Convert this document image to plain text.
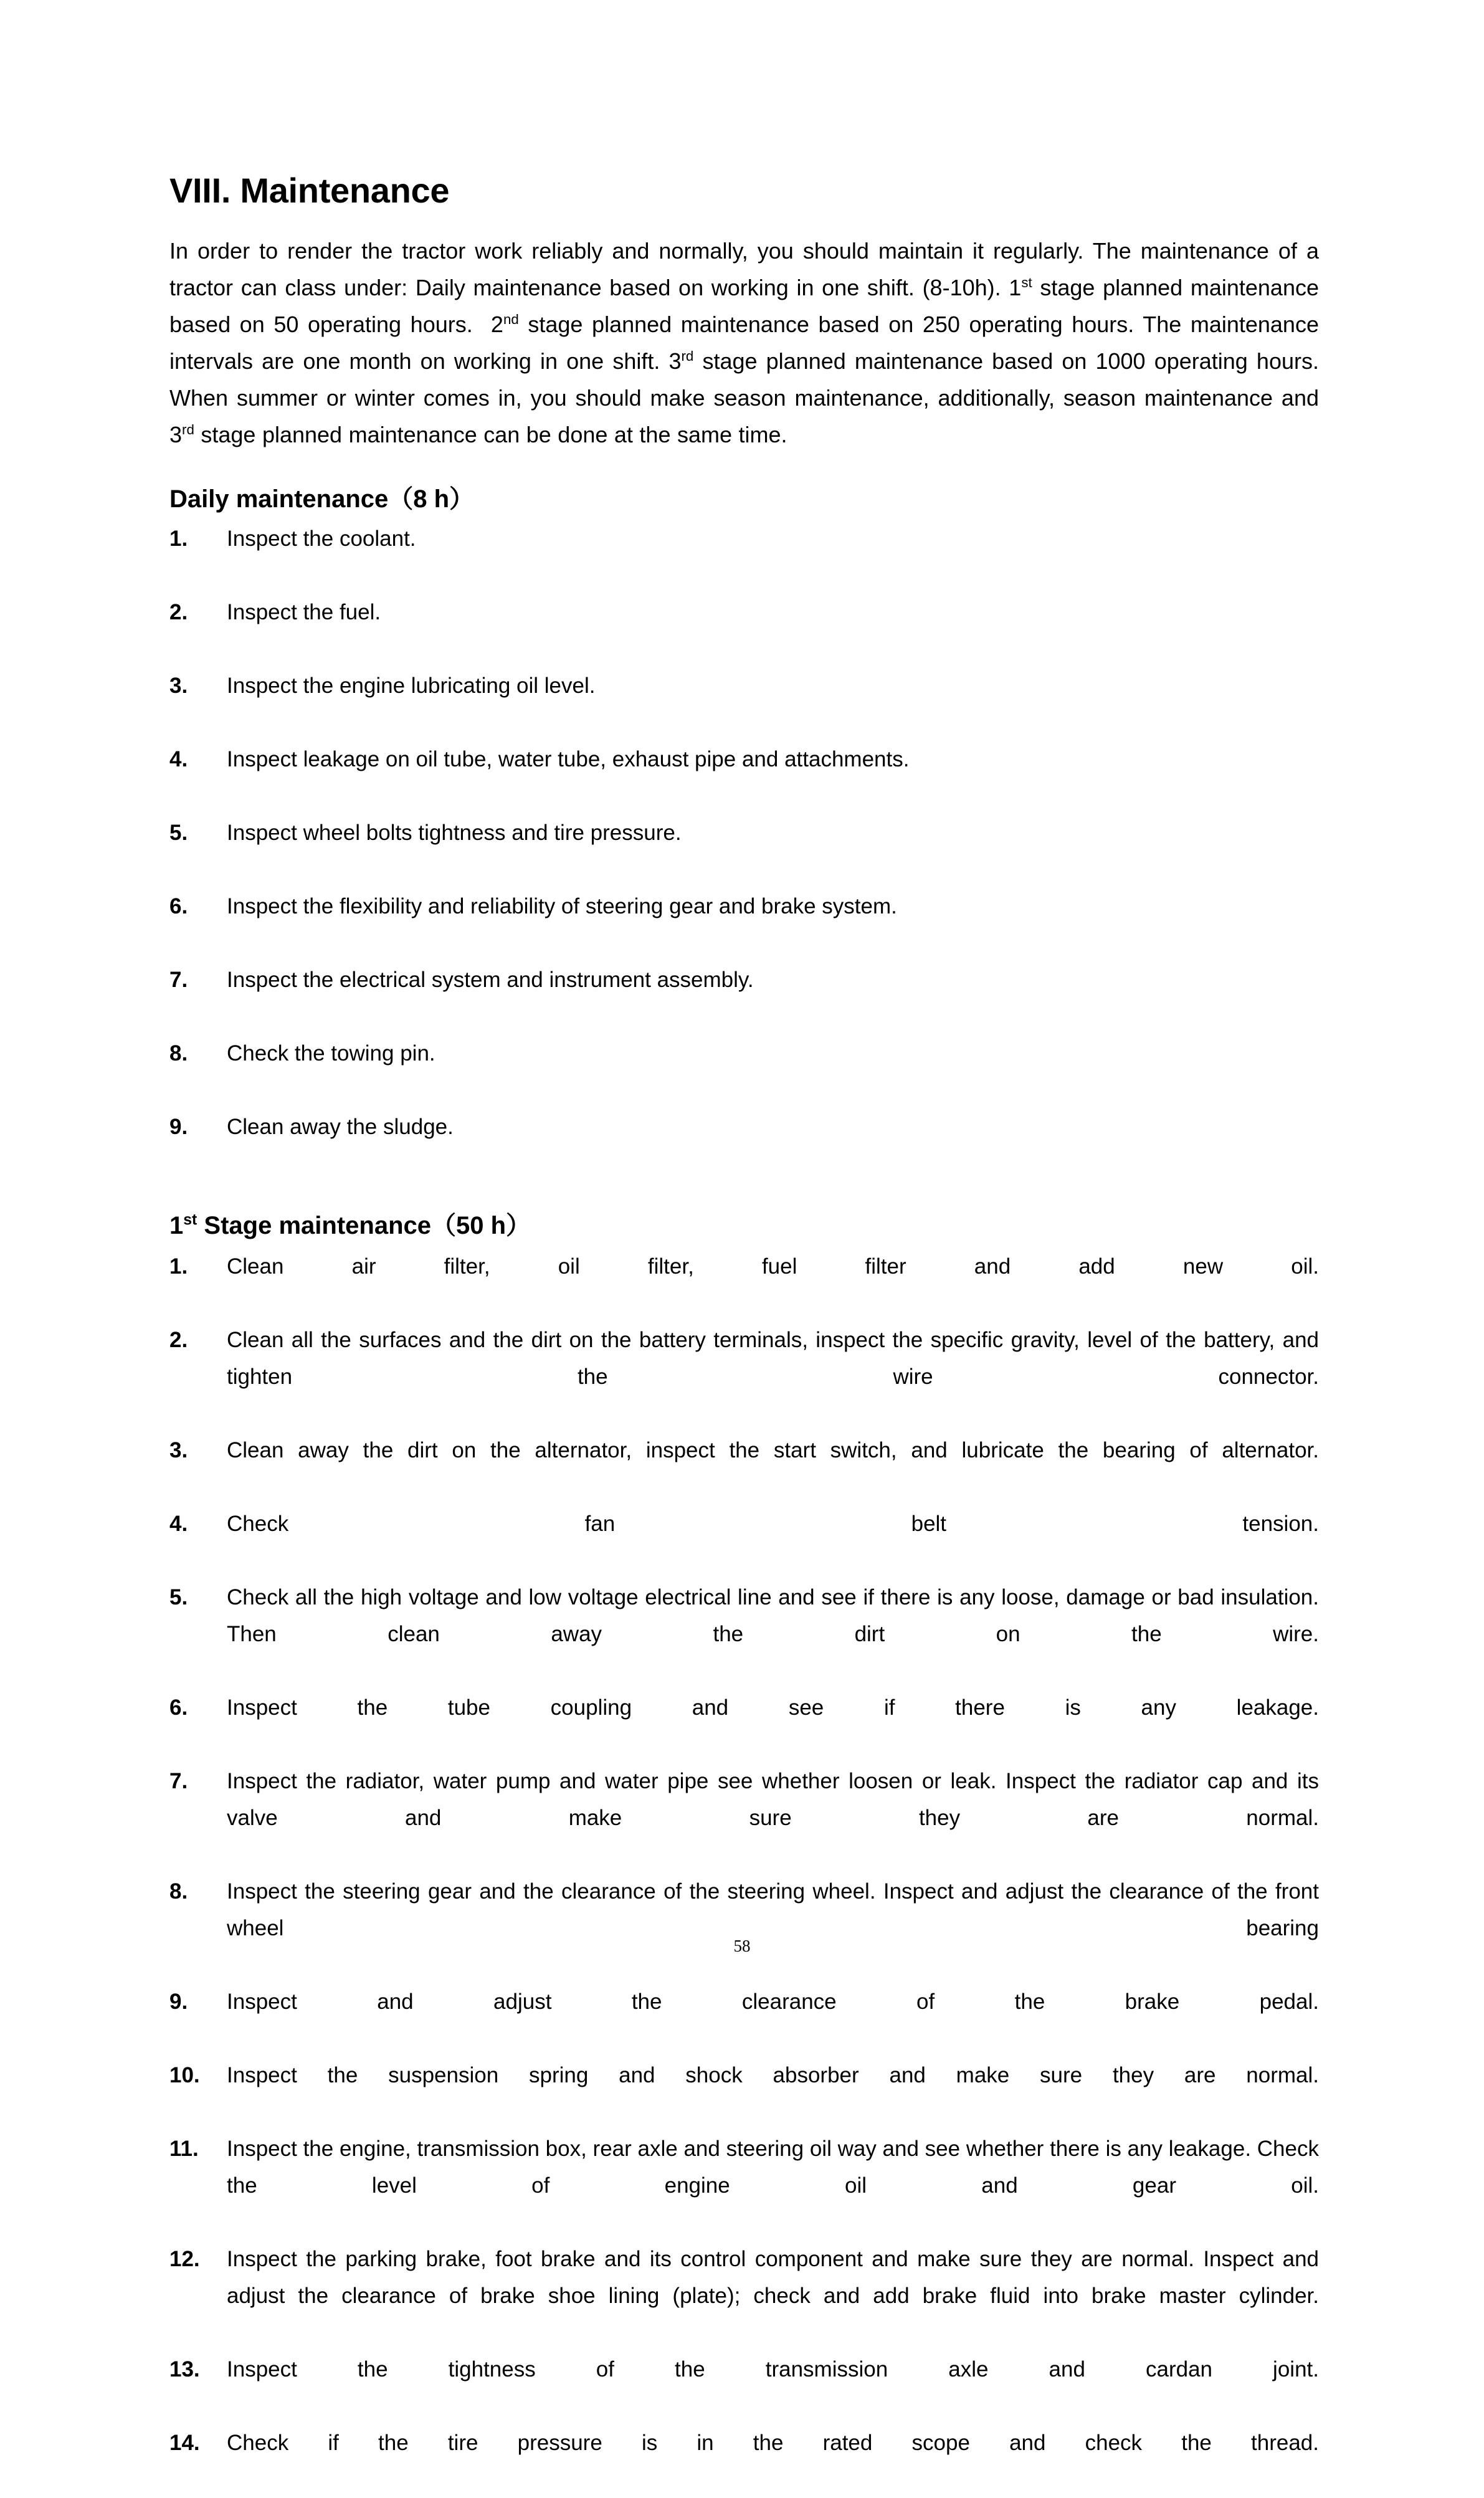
VIII. Maintenance

In order to render the tractor work reliably and normally, you should maintain it regularly. The maintenance of a tractor can class under: Daily maintenance based on working in one shift. (8-10h). 1st stage planned maintenance based on 50 operating hours.  2nd stage planned maintenance based on 250 operating hours. The maintenance intervals are one month on working in one shift. 3rd stage planned maintenance based on 1000 operating hours. When summer or winter comes in, you should make season maintenance, additionally, season maintenance and 3rd stage planned maintenance can be done at the same time.

Daily maintenance（8 h）
1.	Inspect the coolant.
2.	Inspect the fuel.
3.	Inspect the engine lubricating oil level.
4.	Inspect leakage on oil tube, water tube, exhaust pipe and attachments.
5.	Inspect wheel bolts tightness and tire pressure.
6.	Inspect the flexibility and reliability of steering gear and brake system.
7.	Inspect the electrical system and instrument assembly.
8.	Check the towing pin.
9.	Clean away the sludge.
1st Stage maintenance（50 h）
1.	Clean air filter, oil filter, fuel filter and add new oil.
2.	Clean all the surfaces and the dirt on the battery terminals, inspect the specific gravity, level of the battery, and tighten the wire connector.
3.	Clean away the dirt on the alternator, inspect the start switch, and lubricate the bearing of alternator.
4.	Check fan belt tension.
5.	Check all the high voltage and low voltage electrical line and see if there is any loose, damage or bad insulation. Then clean away the dirt on the wire.
6.	Inspect the tube coupling and see if there is any leakage.
7.	Inspect the radiator, water pump and water pipe see whether loosen or leak. Inspect the radiator cap and its valve and make sure they are normal.
8.	Inspect the steering gear and the clearance of the steering wheel. Inspect and adjust the clearance of the front wheel bearing
9.	Inspect and adjust the clearance of the brake pedal.
10.	Inspect the suspension spring and shock absorber and make sure they are normal.
11.	Inspect the engine, transmission box, rear axle and steering oil way and see whether there is any leakage. Check the level of engine oil and gear oil.
12.	Inspect the parking brake, foot brake and its control component and make sure they are normal. Inspect and adjust the clearance of brake shoe lining (plate); check and add brake fluid into brake master cylinder.
13.	Inspect the tightness of the transmission axle and cardan joint.
14.	Check if the tire pressure is in the rated scope and check the thread.
58
